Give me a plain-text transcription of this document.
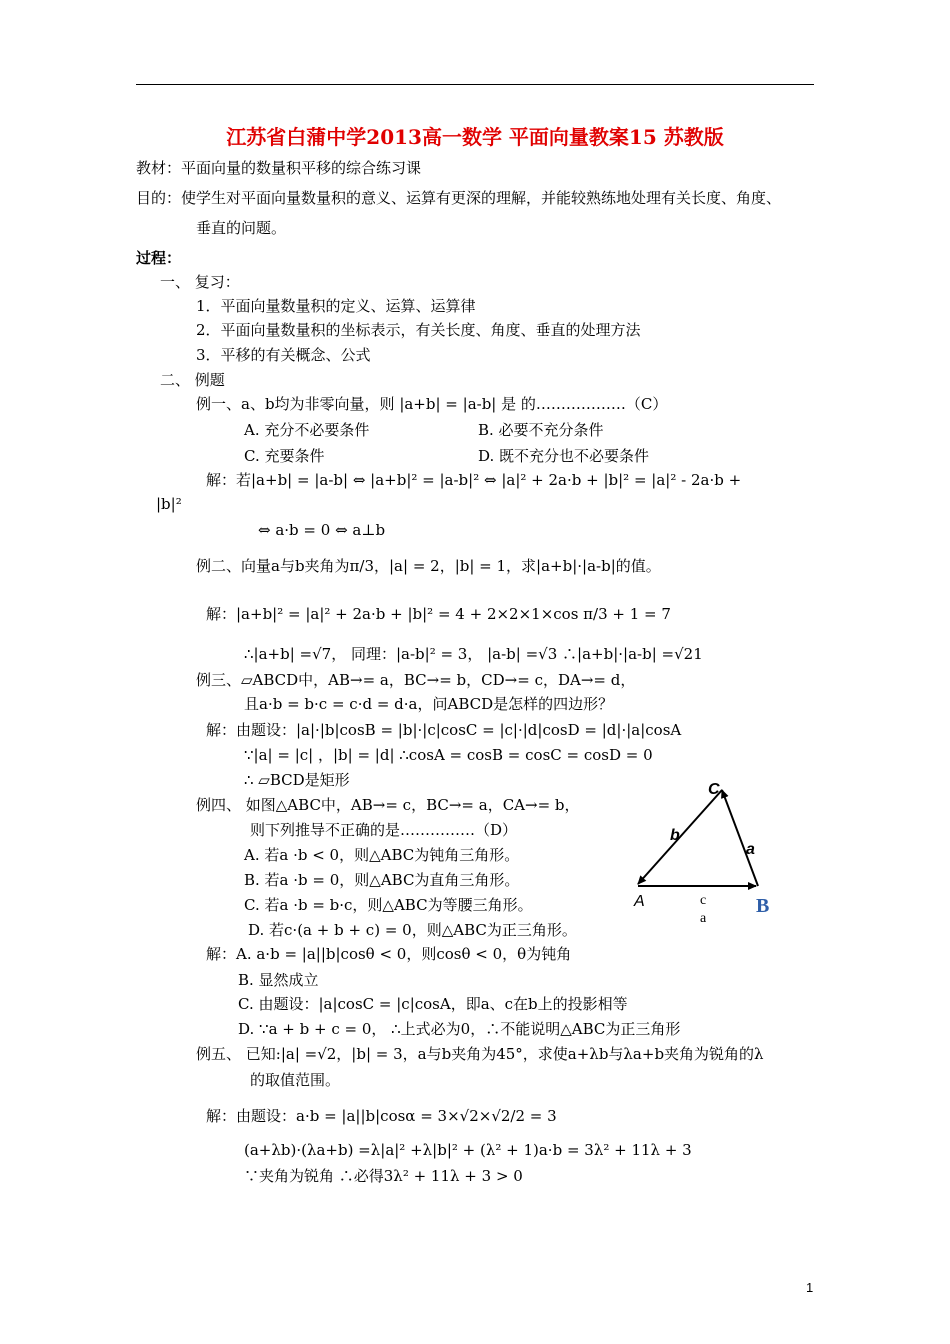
江苏省白蒲中学2013高一数学 平面向量教案15 苏教版
教材：平面向量的数量积平移的综合练习课
目的：使学生对平面向量数量积的意义、运算有更深的理解，并能较熟练地处理有关长度、角度、
垂直的问题。
过程：
一、 复习：
1．平面向量数量积的定义、运算、运算律
2．平面向量数量积的坐标表示，有关长度、角度、垂直的处理方法
3．平移的有关概念、公式
二、 例题
例一、a、b均为非零向量，则 |a+b| = |a-b| 是 的………………（C）
A. 充分不必要条件	B. 必要不充分条件
C. 充要条件	D. 既不充分也不必要条件
解：若|a+b| = |a-b| ⇔ |a+b|² = |a-b|² ⇔ |a|² + 2a·b + |b|² = |a|² - 2a·b +
|b|²
⇔ a·b = 0 ⇔ a⊥b
例二、向量a与b夹角为π/3，|a| = 2，|b| = 1，求|a+b|·|a-b|的值。
解：|a+b|² = |a|² + 2a·b + |b|² = 4 + 2×2×1×cos π/3 + 1 = 7
∴|a+b| =√7， 同理：|a-b|² = 3， |a-b| =√3 ∴|a+b|·|a-b| =√21
例三、▱ABCD中，AB→= a，BC→= b，CD→= c，DA→= d，
且a·b = b·c = c·d = d·a，问ABCD是怎样的四边形？
解：由题设：|a|·|b|cosB = |b|·|c|cosC = |c|·|d|cosD = |d|·|a|cosA
∵|a| = |c| ，|b| = |d| ∴cosA = cosB = cosC = cosD = 0
∴ ▱BCD是矩形
例四、 如图△ABC中，AB→= c，BC→= a，CA→= b，
则下列推导不正确的是……………（D）
A. 若a ·b < 0，则△ABC为钝角三角形。
B. 若a ·b = 0，则△ABC为直角三角形。
C. 若a ·b = b·c，则△ABC为等腰三角形。
D. 若c·(a + b + c) = 0，则△ABC为正三角形。
解：A. a·b = |a||b|cosθ < 0，则cosθ < 0，θ为钝角
B. 显然成立
C. 由题设：|a|cosC = |c|cosA，即a、c在b上的投影相等
D. ∵a + b + c = 0， ∴上式必为0，∴不能说明△ABC为正三角形
例五、 已知:|a| =√2，|b| = 3，a与b夹角为45°，求使a+λb与λa+b夹角为锐角的λ
的取值范围。
解：由题设：a·b = |a||b|cosα = 3×√2×√2/2 = 3
(a+λb)·(λa+b) =λ|a|² +λ|b|² + (λ² + 1)a·b = 3λ² + 11λ + 3
∵夹角为锐角 ∴必得3λ² + 11λ + 3 > 0
C
b
a
A	c
a
B
1
